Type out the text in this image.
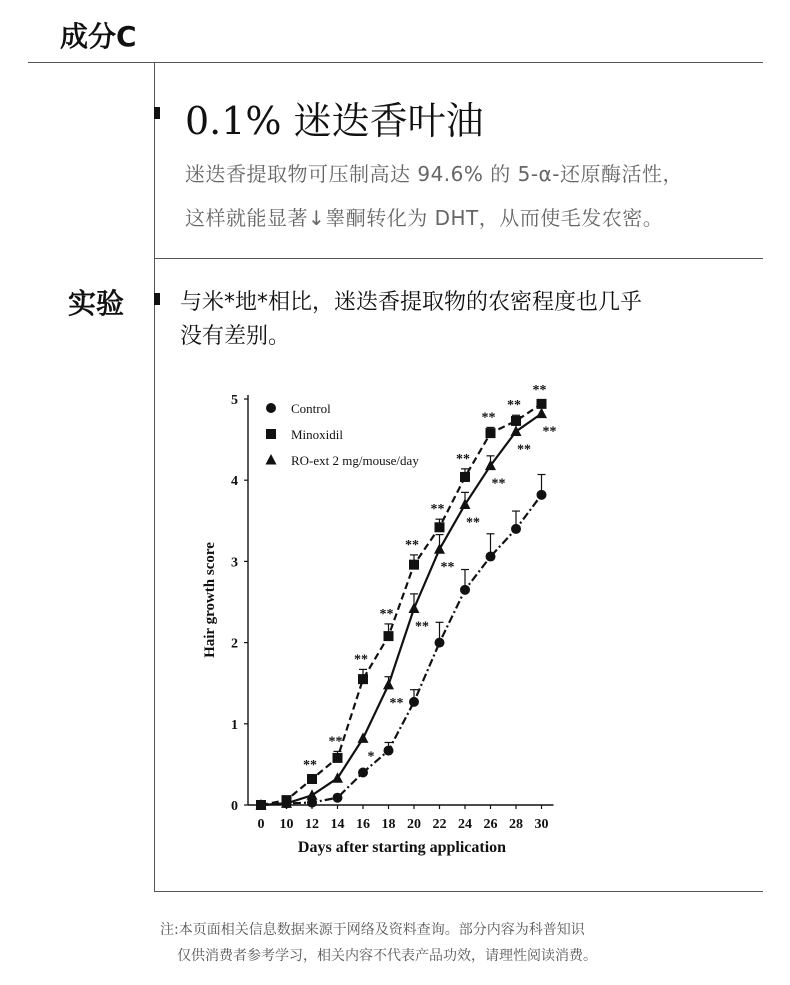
成分C
0.1% 迷迭香叶油
迷迭香提取物可压制高达 94.6% 的 5-α-还原酶活性，
这样就能显著↓睾酮转化为 DHT，从而使毛发农密。
实验	与米*地*相比，迷迭香提取物的农密程度也几乎
没有差别。
0
1
2
3
4
5
0 10 12 14 16 18 20 22 24 26 28 30
**
**
**
**
**
**
**
**
**
**
*
**
**
**
**
**
**
**
Control
Minoxidil
RO-ext 2 mg/mouse/day
Hair growth score
Days after starting application
注:本页面相关信息数据来源于网络及资料查询。部分内容为科普知识
仅供消费者参考学习，相关内容不代表产品功效，请理性阅读消费。
